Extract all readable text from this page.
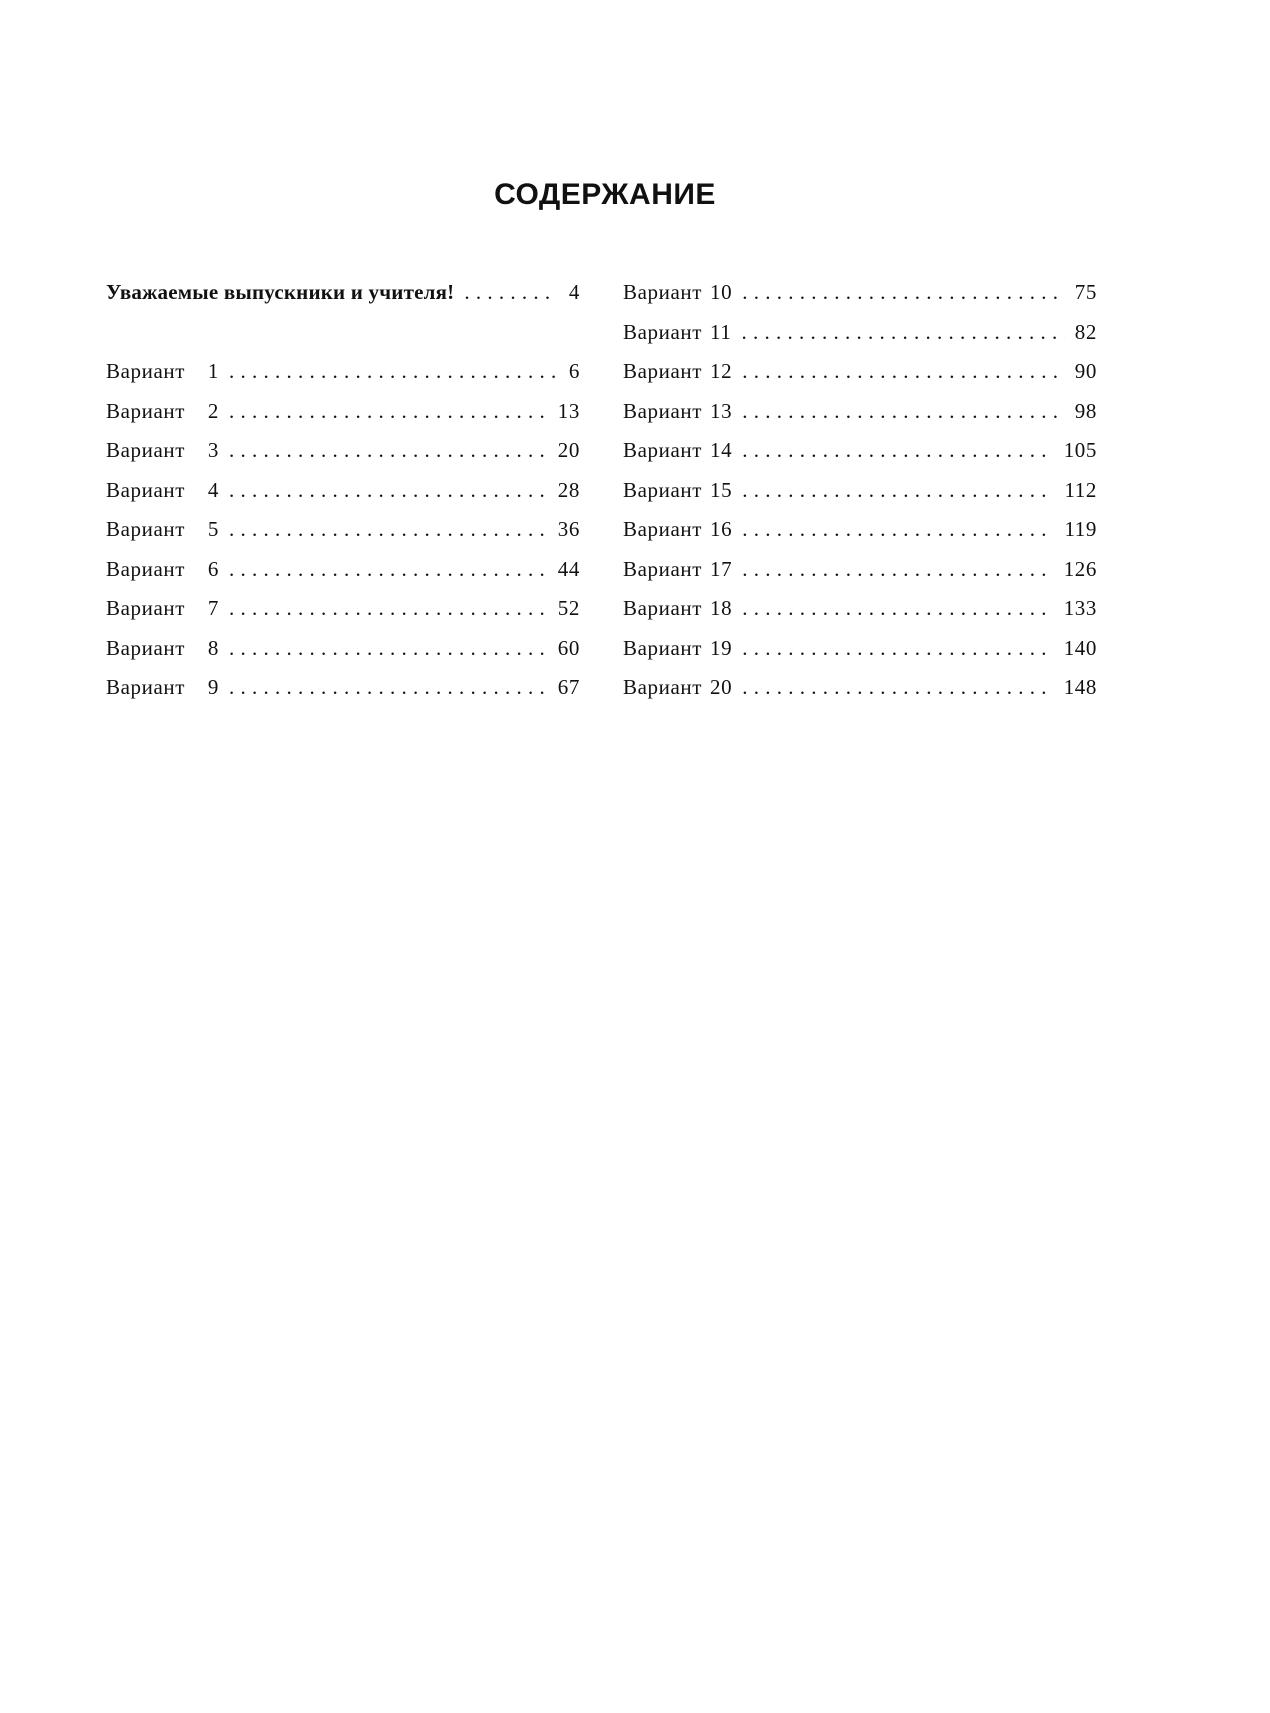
СОДЕРЖАНИЕ
Уважаемые выпускники и учителя! . . .	4
Вариант	1 . . .	6
Вариант	2 . . .	13
Вариант	3 . . .	20
Вариант	4 . . .	28
Вариант	5 . . .	36
Вариант	6 . . .	44
Вариант	7 . . .	52
Вариант	8 . . .	60
Вариант	9 . . .	67
Вариант 10 . . .	75
Вариант 11 . . .	82
Вариант 12 . . .	90
Вариант 13 . . .	98
Вариант 14 . . .	105
Вариант 15 . . .	112
Вариант 16 . . .	119
Вариант 17 . . .	126
Вариант 18 . . .	133
Вариант 19 . . .	140
Вариант 20 . . .	148
